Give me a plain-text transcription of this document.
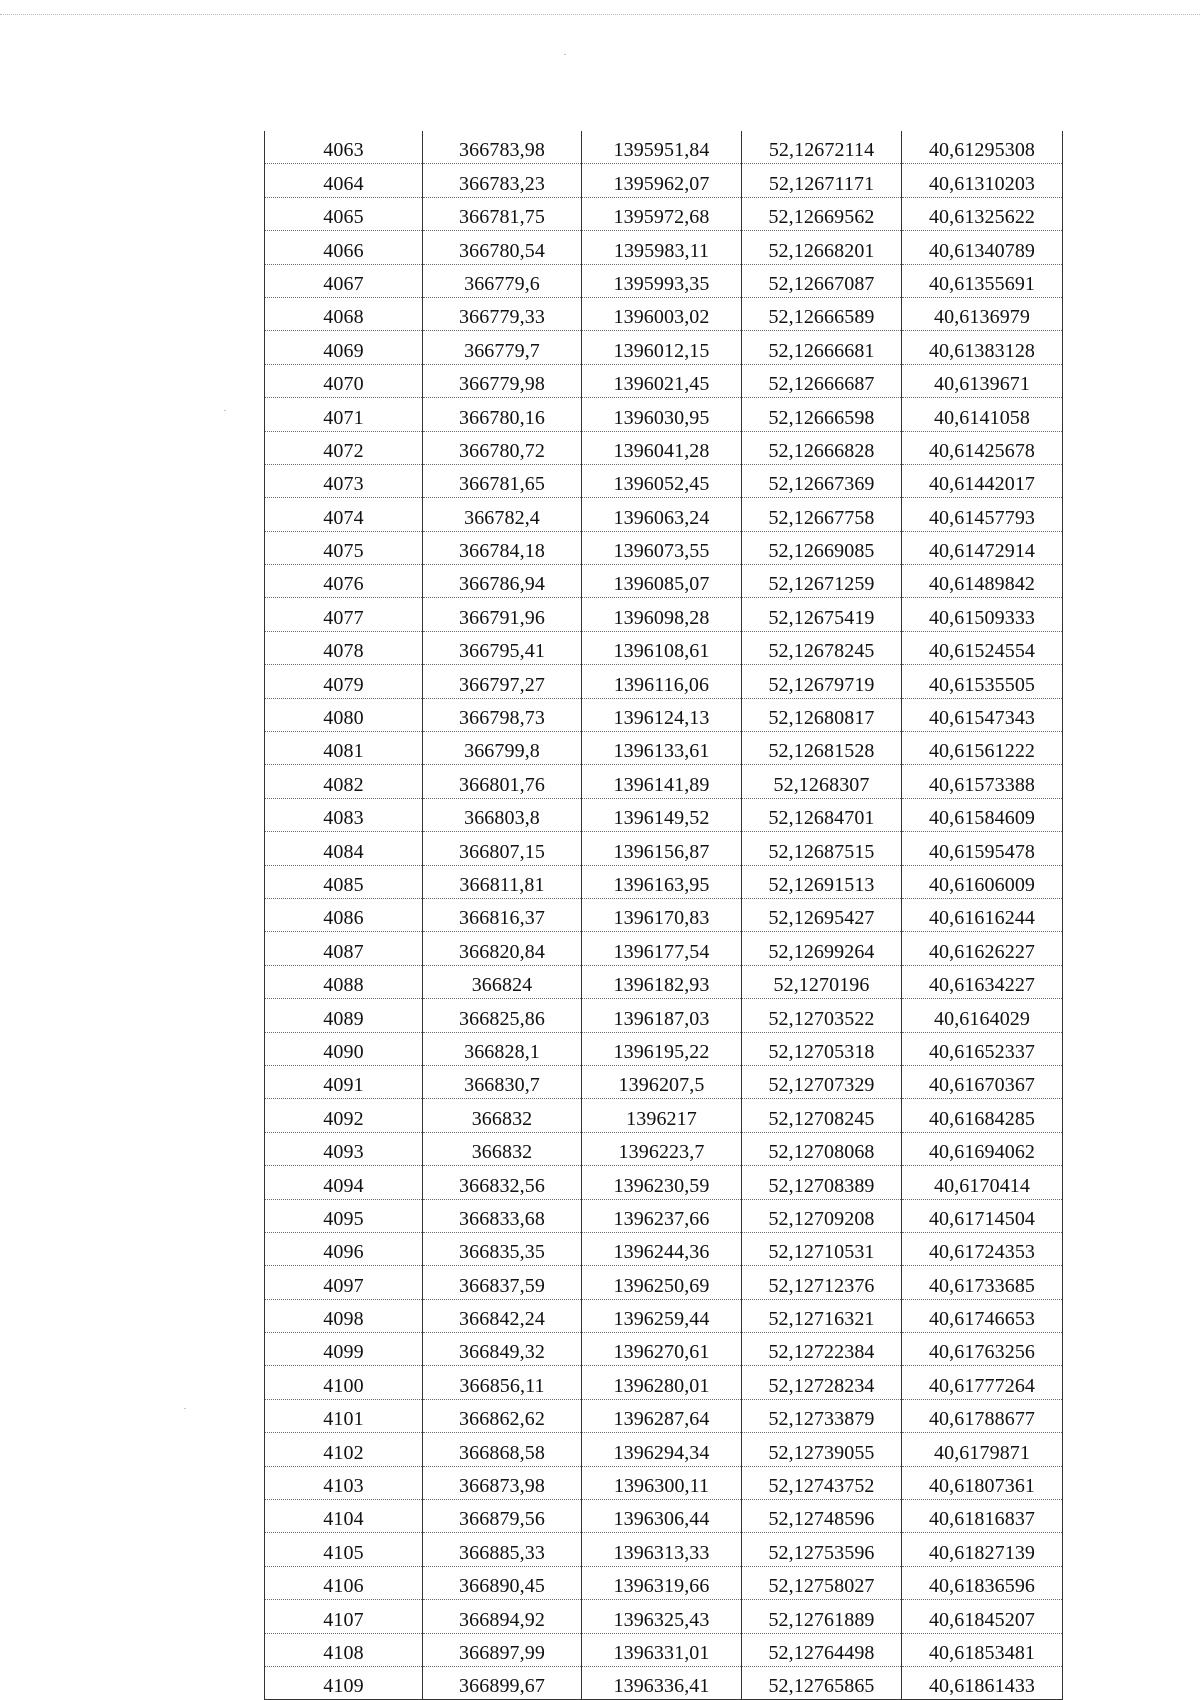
4063	366783,98	1395951,84	52,12672114	40,61295308
4064	366783,23	1395962,07	52,12671171	40,61310203
4065	366781,75	1395972,68	52,12669562	40,61325622
4066	366780,54	1395983,11	52,12668201	40,61340789
4067	366779,6	1395993,35	52,12667087	40,61355691
4068	366779,33	1396003,02	52,12666589	40,6136979
4069	366779,7	1396012,15	52,12666681	40,61383128
4070	366779,98	1396021,45	52,12666687	40,6139671
4071	366780,16	1396030,95	52,12666598	40,6141058
4072	366780,72	1396041,28	52,12666828	40,61425678
4073	366781,65	1396052,45	52,12667369	40,61442017
4074	366782,4	1396063,24	52,12667758	40,61457793
4075	366784,18	1396073,55	52,12669085	40,61472914
4076	366786,94	1396085,07	52,12671259	40,61489842
4077	366791,96	1396098,28	52,12675419	40,61509333
4078	366795,41	1396108,61	52,12678245	40,61524554
4079	366797,27	1396116,06	52,12679719	40,61535505
4080	366798,73	1396124,13	52,12680817	40,61547343
4081	366799,8	1396133,61	52,12681528	40,61561222
4082	366801,76	1396141,89	52,1268307	40,61573388
4083	366803,8	1396149,52	52,12684701	40,61584609
4084	366807,15	1396156,87	52,12687515	40,61595478
4085	366811,81	1396163,95	52,12691513	40,61606009
4086	366816,37	1396170,83	52,12695427	40,61616244
4087	366820,84	1396177,54	52,12699264	40,61626227
4088	366824	1396182,93	52,1270196	40,61634227
4089	366825,86	1396187,03	52,12703522	40,6164029
4090	366828,1	1396195,22	52,12705318	40,61652337
4091	366830,7	1396207,5	52,12707329	40,61670367
4092	366832	1396217	52,12708245	40,61684285
4093	366832	1396223,7	52,12708068	40,61694062
4094	366832,56	1396230,59	52,12708389	40,6170414
4095	366833,68	1396237,66	52,12709208	40,61714504
4096	366835,35	1396244,36	52,12710531	40,61724353
4097	366837,59	1396250,69	52,12712376	40,61733685
4098	366842,24	1396259,44	52,12716321	40,61746653
4099	366849,32	1396270,61	52,12722384	40,61763256
4100	366856,11	1396280,01	52,12728234	40,61777264
4101	366862,62	1396287,64	52,12733879	40,61788677
4102	366868,58	1396294,34	52,12739055	40,6179871
4103	366873,98	1396300,11	52,12743752	40,61807361
4104	366879,56	1396306,44	52,12748596	40,61816837
4105	366885,33	1396313,33	52,12753596	40,61827139
4106	366890,45	1396319,66	52,12758027	40,61836596
4107	366894,92	1396325,43	52,12761889	40,61845207
4108	366897,99	1396331,01	52,12764498	40,61853481
4109	366899,67	1396336,41	52,12765865	40,61861433
